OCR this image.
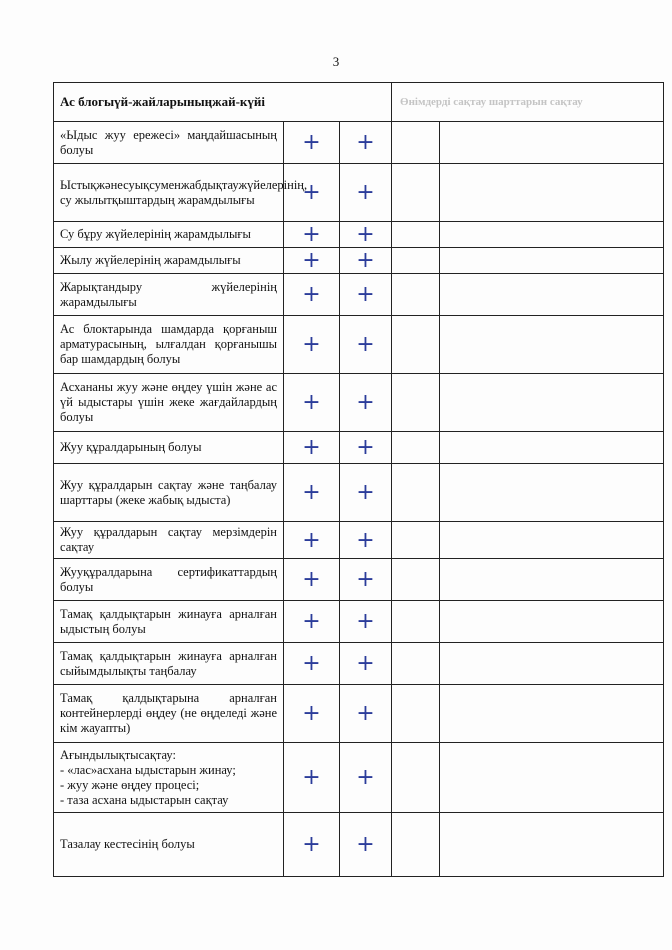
3
Ас блогыүй-жайларыныңжай-күйі			Өнімдерді сақтау шарттарын сақтау	
«Ыдыс жуу ережесі» маңдайшасының болуы	+	+		
Ыстықжәнесуықсуменжабдықтаужүйелерінің, су жылытқыштардың жарамдылығы	+	+		
Су бұру жүйелерінің жарамдылығы	+	+		
Жылу жүйелерінің жарамдылығы	+	+		
Жарықтандыру жүйелерінің жарамдылығы	+	+		
Ас блоктарында шамдарда қорғаныш арматурасының, ылғалдан қорғанышы бар шамдардың болуы	+	+		
Асхананы жуу және өңдеу үшін және ас үй ыдыстары үшін жеке жағдайлардың болуы	+	+		
Жуу құралдарының болуы	+	+		
Жуу құралдарын сақтау және таңбалау шарттары (жеке жабық ыдыста)	+	+		
Жуу құралдарын сақтау мерзімдерін сақтау	+	+		
Жууқұралдарына сертификаттардың болуы	+	+		
Тамақ қалдықтарын жинауға арналған ыдыстың болуы	+	+		
Тамақ қалдықтарын жинауға арналған сыйымдылықты таңбалау	+	+		
Тамақ қалдықтарына арналған контейнерлерді өңдеу (не өңделеді және кім жауапты)	+	+		

Ағындылықтысақтау:
- «лас»асхана ыдыстарын жинау;
- жуу және өңдеу процесі;
- таза асхана ыдыстарын сақтау	+	+		
Тазалау кестесінің болуы	+	+		
